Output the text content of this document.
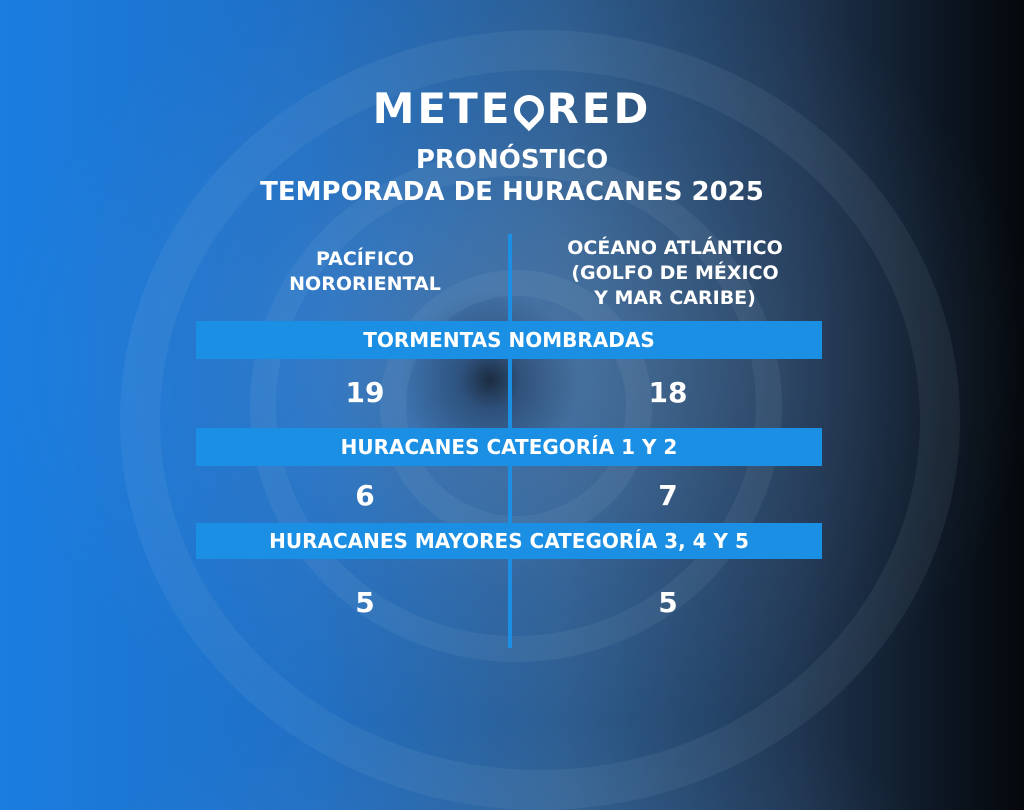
METE RED
PRONÓSTICO
TEMPORADA DE HURACANES 2025
PACÍFICO
NORORIENTAL
OCÉANO ATLÁNTICO
(GOLFO DE MÉXICO
Y MAR CARIBE)
TORMENTAS NOMBRADAS
19	18
HURACANES CATEGORÍA 1 Y 2
6	7
HURACANES MAYORES CATEGORÍA 3, 4 Y 5
5	5
